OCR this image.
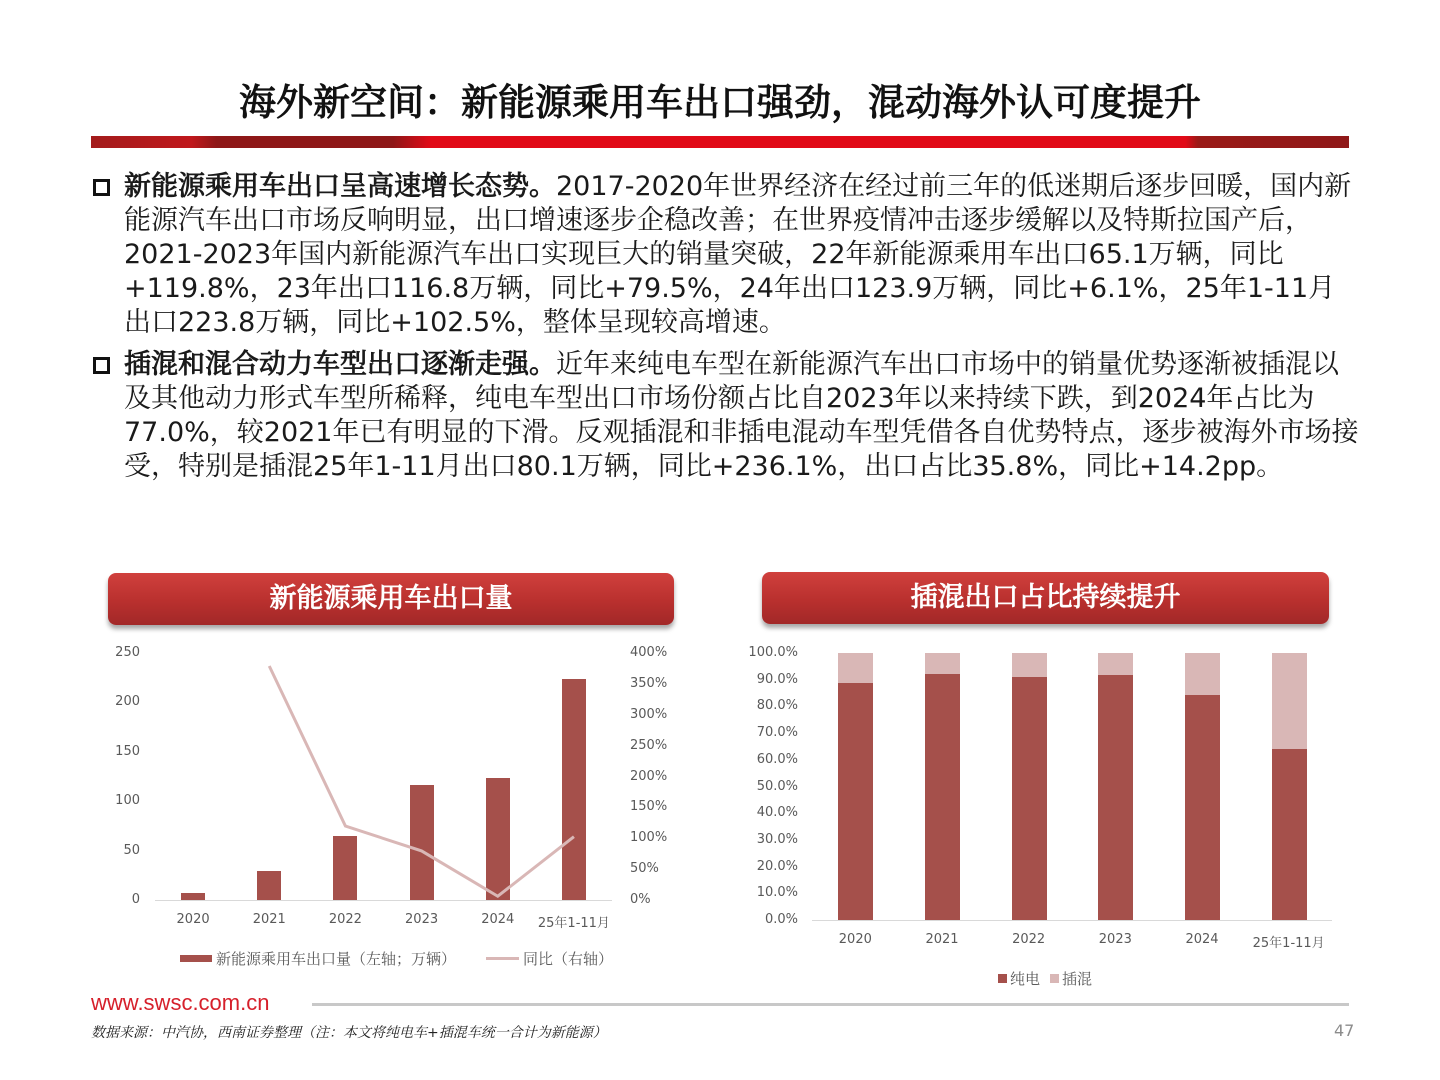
海外新空间：新能源乘用车出口强劲，混动海外认可度提升
新能源乘用车出口呈高速增长态势。2017-2020年世界经济在经过前三年的低迷期后逐步回暖，国内新能源汽车出口市场反响明显，出口增速逐步企稳改善；在世界疫情冲击逐步缓解以及特斯拉国产后，2021-2023年国内新能源汽车出口实现巨大的销量突破，22年新能源乘用车出口65.1万辆，同比+119.8%，23年出口116.8万辆，同比+79.5%，24年出口123.9万辆，同比+6.1%，25年1-11月出口223.8万辆，同比+102.5%，整体呈现较高增速。
插混和混合动力车型出口逐渐走强。近年来纯电车型在新能源汽车出口市场中的销量优势逐渐被插混以及其他动力形式车型所稀释，纯电车型出口市场份额占比自2023年以来持续下跌，到2024年占比为77.0%，较2021年已有明显的下滑。反观插混和非插电混动车型凭借各自优势特点，逐步被海外市场接受，特别是插混25年1-11月出口80.1万辆，同比+236.1%，出口占比35.8%，同比+14.2pp。
新能源乘用车出口量
250
200
150
100
50
0
400%
350%
300%
250%
200%
150%
100%
50%
0%
2020	2021	2022	2023	2024	25年1-11月
新能源乘用车出口量（左轴；万辆）	同比（右轴）
插混出口占比持续提升
100.0%
90.0%
80.0%
70.0%
60.0%
50.0%
40.0%
30.0%
20.0%
10.0%
0.0%
2020	2021	2022	2023	2024	25年1-11月
纯电 插混
www.swsc.com.cn
数据来源：中汽协，西南证券整理（注：本文将纯电车+插混车统一合计为新能源）	47
